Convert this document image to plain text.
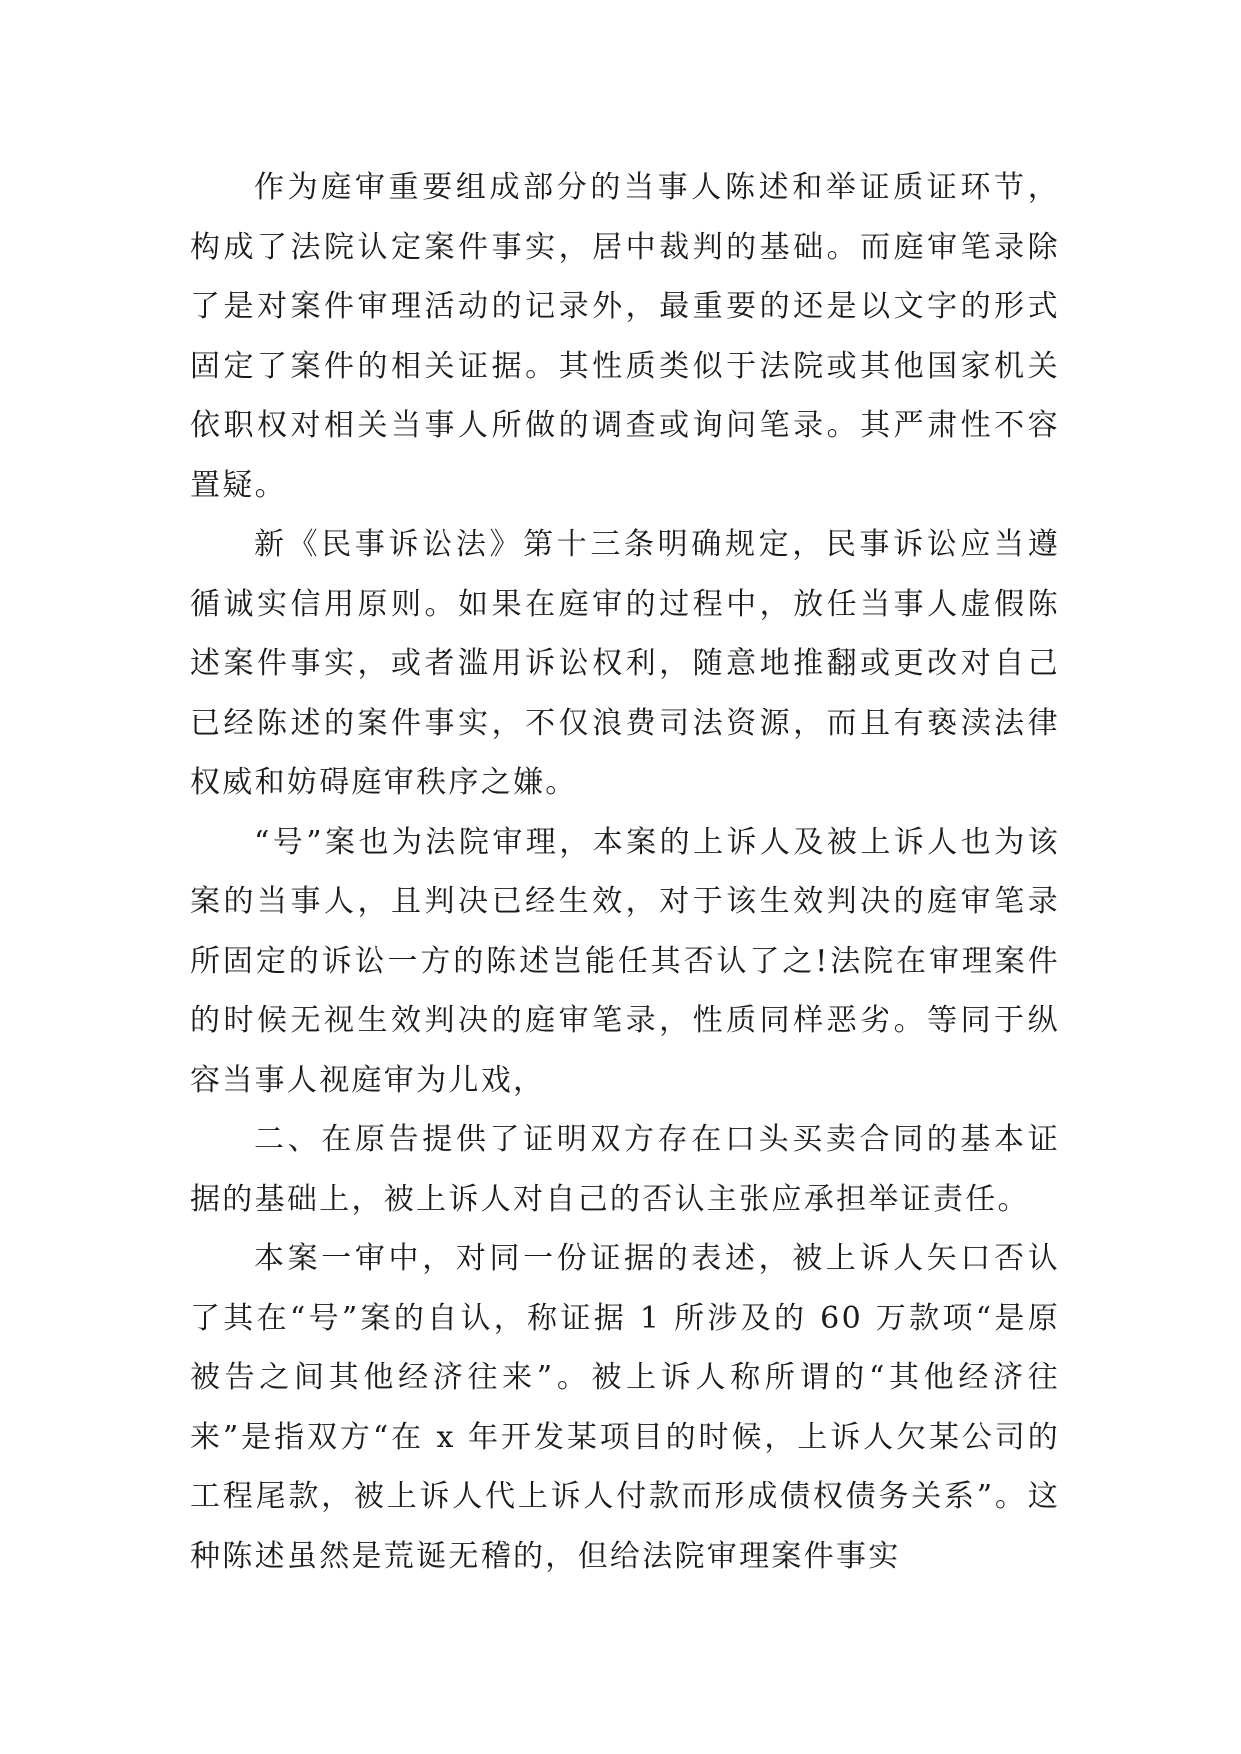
作为庭审重要组成部分的当事人陈述和举证质证环节，构成了法院认定案件事实，居中裁判的基础。而庭审笔录除了是对案件审理活动的记录外，最重要的还是以文字的形式固定了案件的相关证据。其性质类似于法院或其他国家机关依职权对相关当事人所做的调查或询问笔录。其严肃性不容置疑。

新《民事诉讼法》第十三条明确规定，民事诉讼应当遵循诚实信用原则。如果在庭审的过程中，放任当事人虚假陈述案件事实，或者滥用诉讼权利，随意地推翻或更改对自己已经陈述的案件事实，不仅浪费司法资源，而且有亵渎法律权威和妨碍庭审秩序之嫌。

“号”案也为法院审理，本案的上诉人及被上诉人也为该案的当事人，且判决已经生效，对于该生效判决的庭审笔录所固定的诉讼一方的陈述岂能任其否认了之!法院在审理案件的时候无视生效判决的庭审笔录，性质同样恶劣。等同于纵容当事人视庭审为儿戏，

二、在原告提供了证明双方存在口头买卖合同的基本证据的基础上，被上诉人对自己的否认主张应承担举证责任。

本案一审中，对同一份证据的表述，被上诉人矢口否认了其在“号”案的自认，称证据 1 所涉及的 60 万款项“是原被告之间其他经济往来”。被上诉人称所谓的“其他经济往来”是指双方“在 x 年开发某项目的时候，上诉人欠某公司的工程尾款，被上诉人代上诉人付款而形成债权债务关系”。这种陈述虽然是荒诞无稽的，但给法院审理案件事实
